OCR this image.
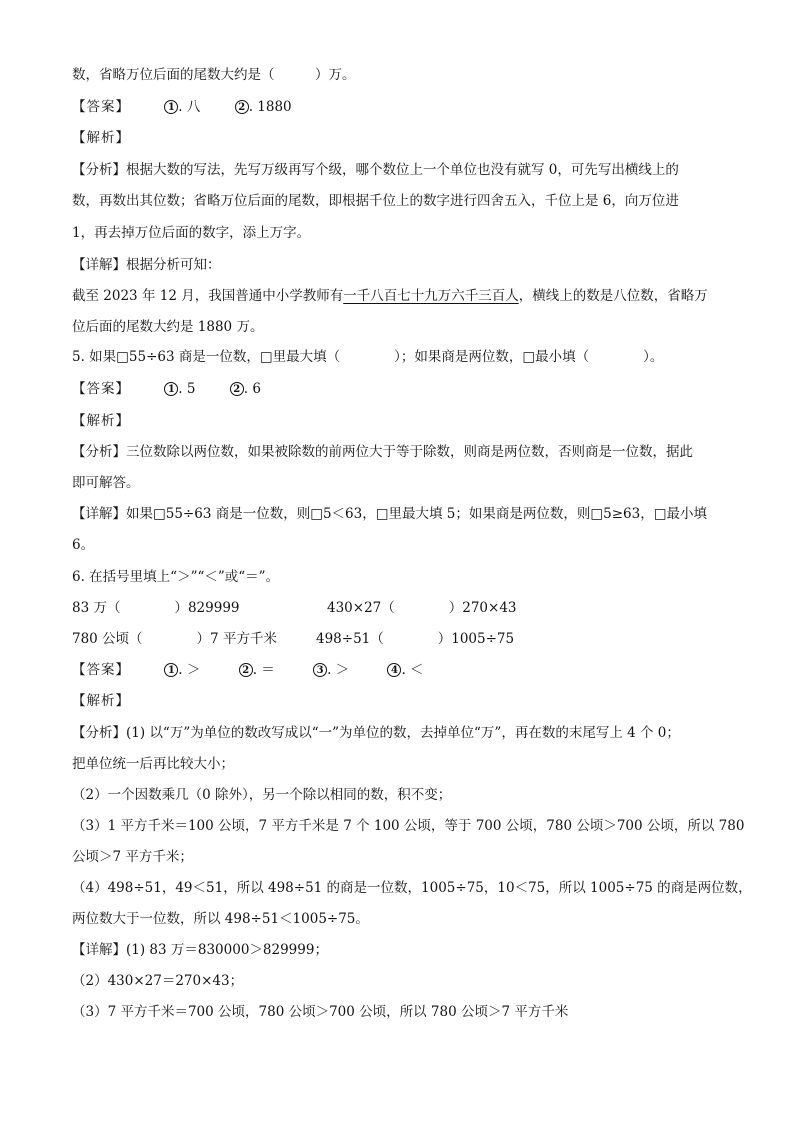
数，省略万位后面的尾数大约是（　　　）万。
【答案】	1 . 八	2 . 1880
【解析】
【分析】根据大数的写法，先写万级再写个级，哪个数位上一个单位也没有就写 0，可先写出横线上的
数，再数出其位数；省略万位后面的尾数，即根据千位上的数字进行四舍五入，千位上是 6，向万位进
1，再去掉万位后面的数字，添上万字。
【详解】根据分析可知：
截至 2023 年 12 月，我国普通中小学教师有一千八百七十九万六千三百人，横线上的数是八位数，省略万
位后面的尾数大约是 1880 万。
5. 如果□55÷63 商是一位数，□里最大填（　　　　）；如果商是两位数，□最小填（　　　　）。
【答案】	1 . 5	2 . 6
【解析】
【分析】三位数除以两位数，如果被除数的前两位大于等于除数，则商是两位数，否则商是一位数，据此
即可解答。
【详解】如果□55÷63 商是一位数，则□5＜63，□里最大填 5；如果商是两位数，则□5≥63，□最小填
6。
6. 在括号里填上“＞”“＜”或“＝”。
83 万（　　　　）829999	430×27（　　　　）270×43
780 公顷（　　　　）7 平方千米	498÷51（　　　　）1005÷75
【答案】	1 . ＞	2 . ＝	3 . ＞	4 . ＜
【解析】
【分析】(1) 以“万”为单位的数改写成以“一”为单位的数，去掉单位“万”，再在数的末尾写上 4 个 0；
把单位统一后再比较大小；
（2）一个因数乘几（0 除外），另一个除以相同的数，积不变；
（3）1 平方千米＝100 公顷，7 平方千米是 7 个 100 公顷，等于 700 公顷，780 公顷＞700 公顷，所以 780
公顷＞7 平方千米；
（4）498÷51，49＜51，所以 498÷51 的商是一位数，1005÷75，10＜75，所以 1005÷75 的商是两位数，
两位数大于一位数，所以 498÷51＜1005÷75。
【详解】(1) 83 万＝830000＞829999；
（2）430×27＝270×43；
（3）7 平方千米＝700 公顷，780 公顷＞700 公顷，所以 780 公顷＞7 平方千米
